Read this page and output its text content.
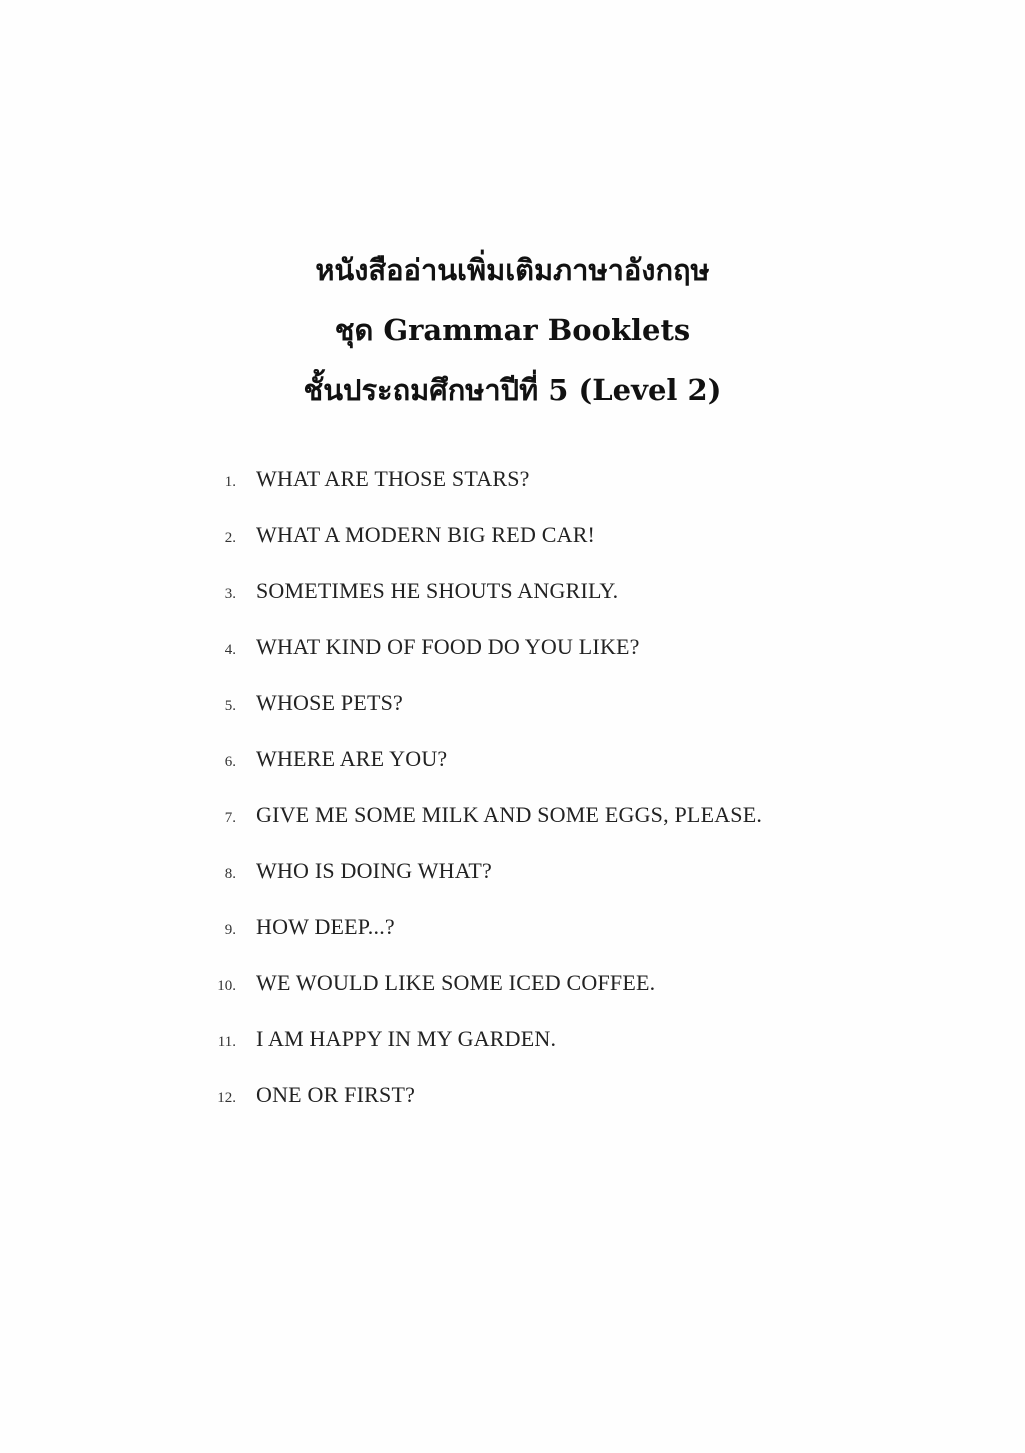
หนังสืออ่านเพิ่มเติมภาษาอังกฤษ
ชุด Grammar Booklets
ชั้นประถมศึกษาปีที่ 5 (Level 2)
1. WHAT ARE THOSE STARS?
2. WHAT A MODERN BIG RED CAR!
3. SOMETIMES HE SHOUTS ANGRILY.
4. WHAT KIND OF FOOD DO YOU LIKE?
5. WHOSE PETS?
6. WHERE ARE YOU?
7. GIVE ME SOME MILK AND SOME EGGS, PLEASE.
8. WHO IS DOING WHAT?
9. HOW DEEP...?
10. WE WOULD LIKE SOME ICED COFFEE.
11. I AM HAPPY IN MY GARDEN.
12. ONE OR FIRST?
